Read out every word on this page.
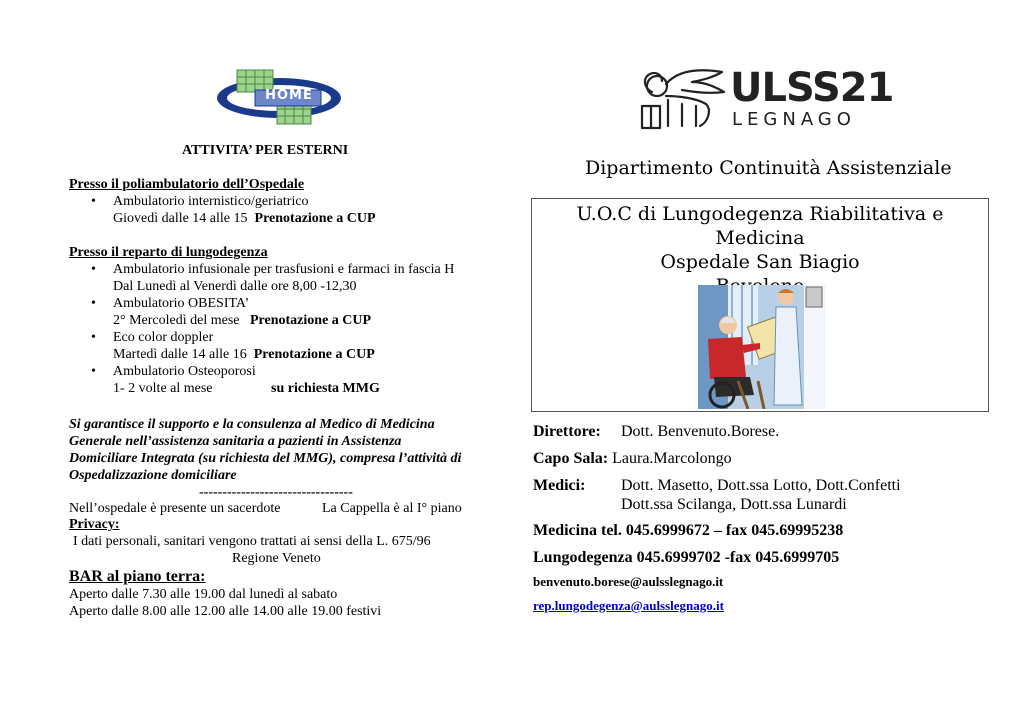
HOME
ATTIVITA’ PER ESTERNI
Presso il poliambulatorio dell’Ospedale
• Ambulatorio internistico/geriatrico
Giovedì dalle 14 alle 15 Prenotazione a CUP
Presso il reparto di lungodegenza
• Ambulatorio infusionale per trasfusioni e farmaci in fascia H
Dal Lunedì al Venerdì dalle ore 8,00 -12,30
• Ambulatorio OBESITA’
2° Mercoledì del mese Prenotazione a CUP
• Eco color doppler
Martedì dalle 14 alle 16 Prenotazione a CUP
• Ambulatorio Osteoporosi
1- 2 volte al mese	su richiesta MMG
Si garantisce il supporto e la consulenza al Medico di Medicina
Generale nell’assistenza sanitaria a pazienti in Assistenza
Domiciliare Integrata (su richiesta del MMG), compresa l’attività di
Ospedalizzazione domiciliare
---------------------------------
Nell’ospedale è presente un sacerdote	La Cappella è al I° piano
Privacy:
I dati personali, sanitari vengono trattati ai sensi della L. 675/96
Regione Veneto
BAR al piano terra:
Aperto dalle 7.30 alle 19.00 dal lunedì al sabato
Aperto dalle 8.00 alle 12.00 alle 14.00 alle 19.00 festivi
ULSS21
LEGNAGO
Dipartimento Continuità Assistenziale
U.O.C di Lungodegenza Riabilitativa e Medicina
Ospedale San Biagio
Direttore: Dott. Benvenuto.Borese.
Capo Sala: Laura.Marcolongo
Medici: Dott. Masetto, Dott.ssa Lotto, Dott.Confetti
Dott.ssa Scilanga, Dott.ssa Lunardi
Medicina tel. 045.6999672 – fax 045.69995238
Lungodegenza 045.6999702 -fax 045.6999705
benvenuto.borese@aulsslegnago.it
rep.lungodegenza@aulsslegnago.it
